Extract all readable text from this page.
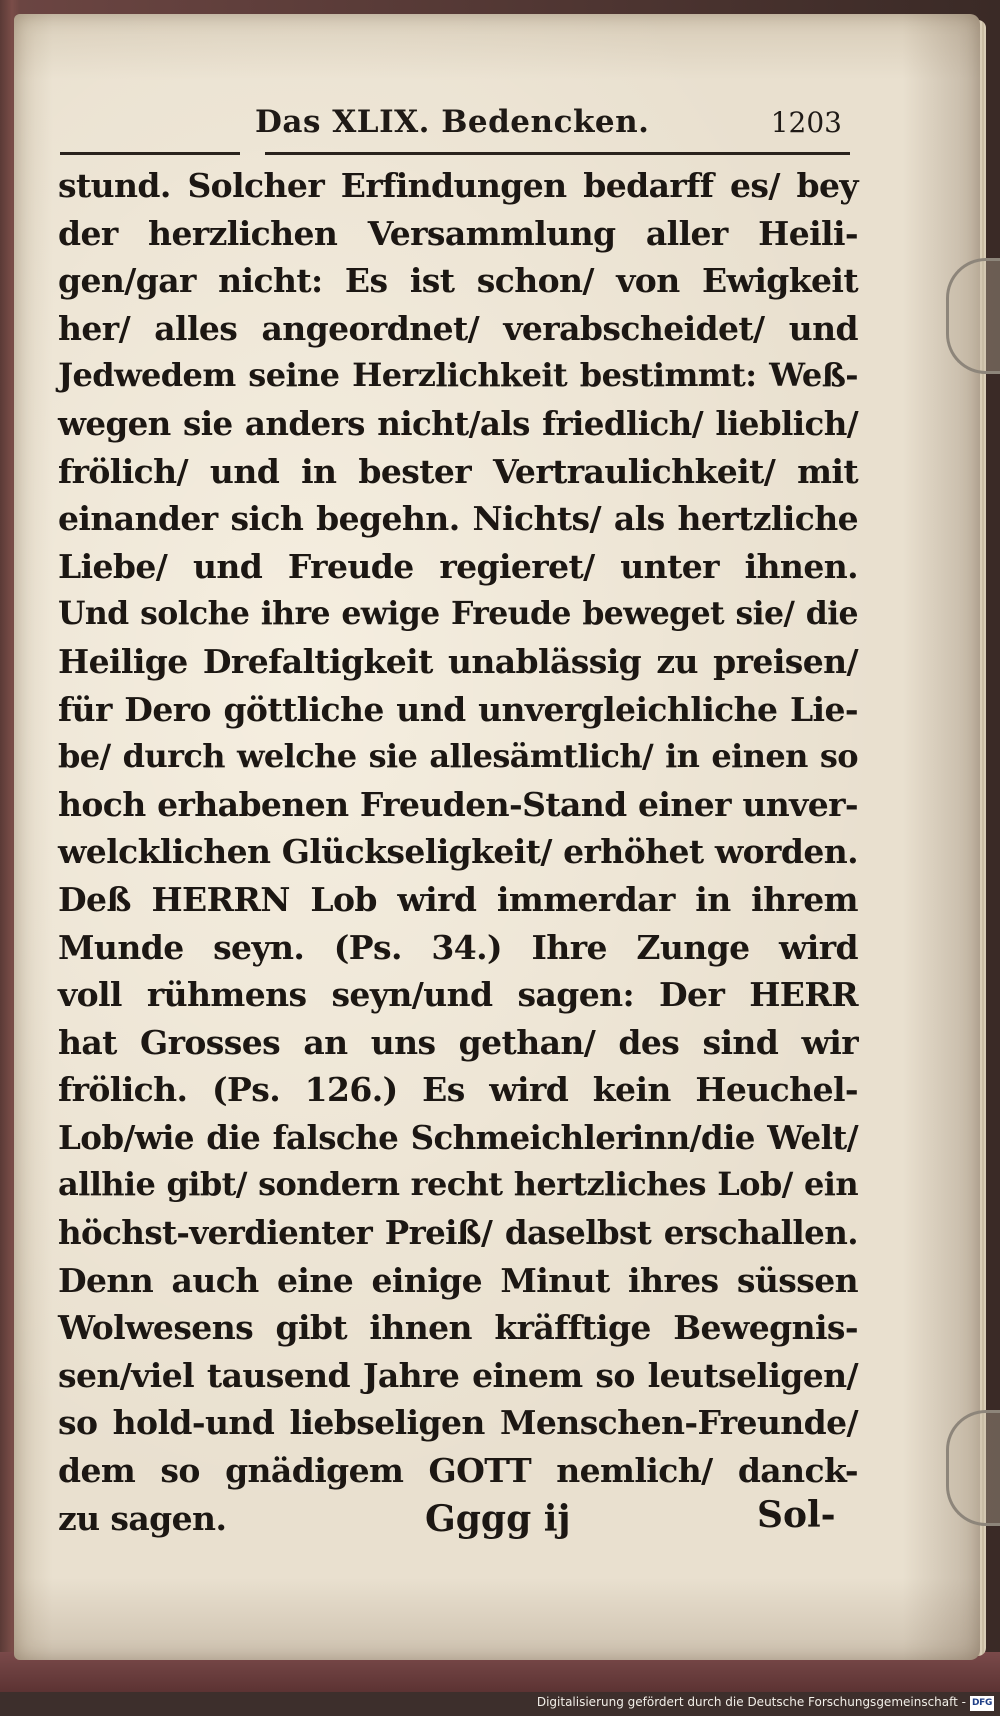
Das XLIX. Bedencken.	1203
stund. Solcher Erfindungen bedarff es/ bey
der herzlichen Versammlung aller Heili-
gen/gar nicht: Es ist schon/ von Ewigkeit
her/ alles angeordnet/ verabscheidet/ und
Jedwedem seine Herzlichkeit bestimmt: Weß-
wegen sie anders nicht/als friedlich/ lieblich/
frölich/ und in bester Vertraulichkeit/ mit
einander sich begehn. Nichts/ als hertzliche
Liebe/ und Freude regieret/ unter ihnen.
Und solche ihre ewige Freude beweget sie/ die
Heilige Drefaltigkeit unablässig zu preisen/
für Dero göttliche und unvergleichliche Lie-
be/ durch welche sie allesämtlich/ in einen so
hoch erhabenen Freuden-Stand einer unver-
welcklichen Glückseligkeit/ erhöhet worden.
Deß HERRN Lob wird immerdar in ihrem
Munde seyn. (Ps. 34.) Ihre Zunge wird
voll rühmens seyn/und sagen: Der HERR
hat Grosses an uns gethan/ des sind wir
frölich. (Ps. 126.) Es wird kein Heuchel-
Lob/wie die falsche Schmeichlerinn/die Welt/
allhie gibt/ sondern recht hertzliches Lob/ ein
höchst-verdienter Preiß/ daselbst erschallen.
Denn auch eine einige Minut ihres süssen
Wolwesens gibt ihnen kräfftige Bewegnis-
sen/viel tausend Jahre einem so leutseligen/
so hold-und liebseligen Menschen-Freunde/
dem so gnädigem GOTT nemlich/ danck-
zu sagen.	Gggg ij	Sol-
Digitalisierung gefördert durch die Deutsche Forschungsgemeinschaft - DFG
